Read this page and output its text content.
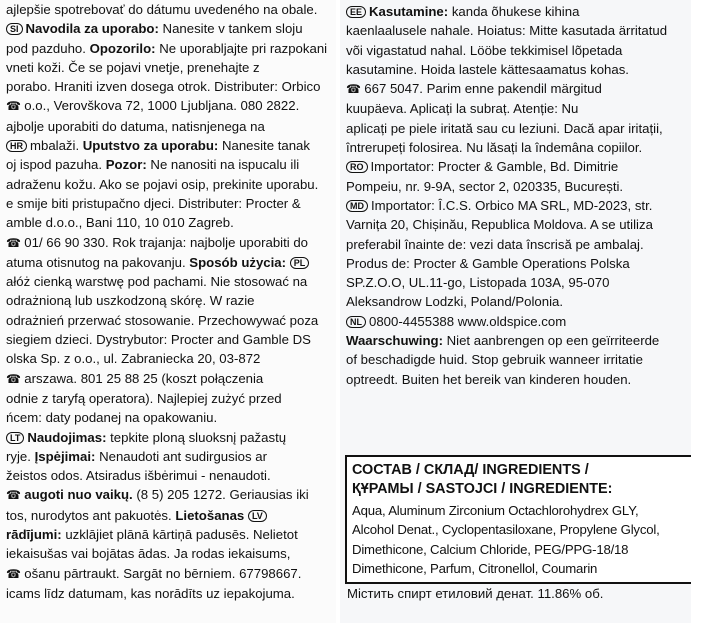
ajlepšie spotrebovať do dátumu uvedeného na obale.
SI Navodila za uporabo: Nanesite v tankem sloju
pod pazduho. Opozorilo: Ne uporabljajte pri razpokani
vneti koži. Če se pojavi vnetje, prenehajte z
porabo. Hraniti izven dosega otrok. Distributer: Orbico
☎ o.o., Verovškova 72, 1000 Ljubljana. 080 2822.
ajbolje uporabiti do datuma, natisnjenega na
HR mbalaži. Uputstvo za uporabu: Nanesite tanak
oj ispod pazuha. Pozor: Ne nanositi na ispucalu ili
adraženu kožu. Ako se pojavi osip, prekinite uporabu.
e smije biti pristupačno djeci. Distributer: Procter &
amble d.o.o., Bani 110, 10 010 Zagreb.
☎ 01/ 66 90 330. Rok trajanja: najbolje uporabiti do
atuma otisnutog na pakovanju. Sposób użycia: PL
ałóż cienką warstwę pod pachami. Nie stosować na
odrażnioną lub uszkodzoną skórę. W razie
odrażnień przerwać stosowanie. Przechowywać poza
siegiem dzieci. Dystrybutor: Procter and Gamble DS
olska Sp. z o.o., ul. Zabraniecka 20, 03-872
☎ arszawa. 801 25 88 25 (koszt połączenia
odnie z taryfą operatora). Najlepiej zużyć przed
ńcem: daty podanej na opakowaniu.
LT Naudojimas: tepkite ploną sluoksnį pažastų
ryje. Įspėjimai: Nenaudoti ant sudirgusios ar
žeistos odos. Atsiradus išbėrimui - nenaudoti.
☎ augoti nuo vaikų. (8 5) 205 1272. Geriausias iki
tos, nurodytos ant pakuotės. Lietošanas LV
rādījumi: uzklājiet plānā kārtiņā padusēs. Nelietot
iekaisušas vai bojātas ādas. Ja rodas iekaisums,
☎ ošanu pārtraukt. Sargāt no bērniem. 67798667.
icams līdz datumam, kas norādīts uz iepakojuma.
EE Kasutamine: kanda õhukese kihina
kaenlaalusele nahale. Hoiatus: Mitte kasutada ärritatud
või vigastatud nahal. Lööbe tekkimisel lõpetada
kasutamine. Hoida lastele kättesaamatus kohas.
☎ 667 5047. Parim enne pakendil märgitud
kuupäeva. Aplicați la subraț. Atenție: Nu
aplicați pe piele iritată sau cu leziuni. Dacă apar iritații,
întrerupeți folosirea. Nu lăsați la îndemâna copiilor.
RO Importator: Procter & Gamble, Bd. Dimitrie
Pompeiu, nr. 9-9A, sector 2, 020335, București.
MD Importator: Î.C.S. Orbico MA SRL, MD-2023, str.
Varnița 20, Chișinău, Republica Moldova. A se utiliza
preferabil înainte de: vezi data înscrisă pe ambalaj.
Produs de: Procter & Gamble Operations Polska
SP.Z.O.O, UL.11-go, Listopada 103A, 95-070
Aleksandrow Lodzki, Poland/Polonia.
NL 0800-4455388 www.oldspice.com
Waarschuwing: Niet aanbrengen op een geïrriteerde
of beschadigde huid. Stop gebruik wanneer irritatie
optreedt. Buiten het bereik van kinderen houden.
СОСТАВ / СКЛАД/ INGREDIENTS /
ҚҰРАМЫ / SASTOJCI / INGREDIENTE:
Aqua, Aluminum Zirconium Octachlorohydrex GLY,
Alcohol Denat., Cyclopentasiloxane, Propylene Glycol,
Dimethicone, Calcium Chloride, PEG/PPG-18/18
Dimethicone, Parfum, Citronellol, Coumarin
Містить спирт етиловий денат. 11.86% об.
